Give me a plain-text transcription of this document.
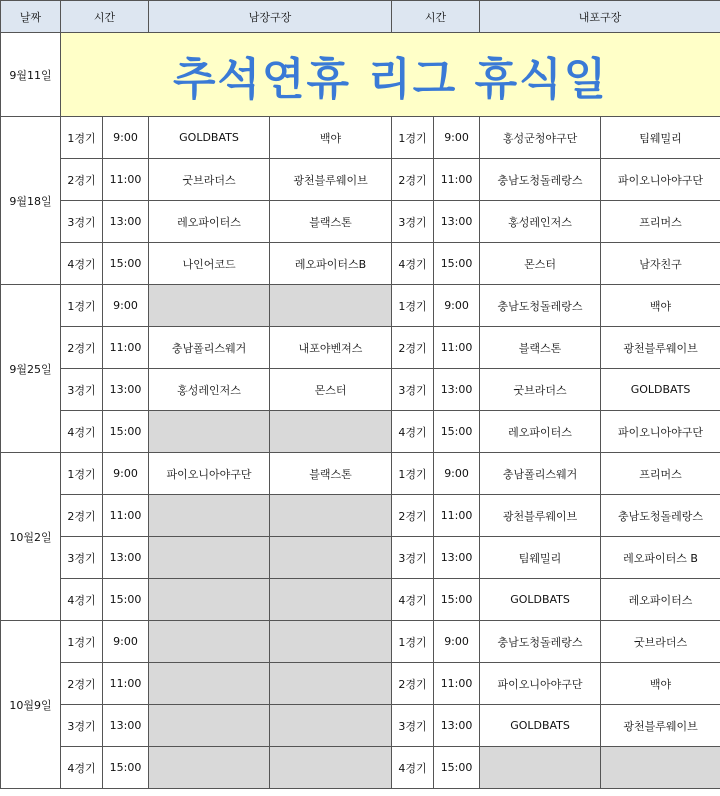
날짜	시간		남장구장		시간		내포구장	
9월11일	추석연휴 리그 휴식일							
9월18일	1경기	9:00	GOLDBATS	백야	1경기	9:00	홍성군청야구단	팀웨밀리
	2경기	11:00	굿브라더스	광천블루웨이브	2경기	11:00	충남도청돌레랑스	파이오니아야구단
	3경기	13:00	레오파이터스	블랙스톤	3경기	13:00	홍성레인저스	프리머스
	4경기	15:00	나인어코드	레오파이터스B	4경기	15:00	몬스터	남자친구
9월25일	1경기	9:00			1경기	9:00	충남도청돌레랑스	백야
	2경기	11:00	충남폴리스웨거	내포야벤져스	2경기	11:00	블랙스톤	광천블루웨이브
	3경기	13:00	홍성레인저스	몬스터	3경기	13:00	굿브라더스	GOLDBATS
	4경기	15:00			4경기	15:00	레오파이터스	파이오니아야구단
10월2일	1경기	9:00	파이오니아야구단	블랙스톤	1경기	9:00	충남폴리스웨거	프리머스
	2경기	11:00			2경기	11:00	광천블루웨이브	충남도청돌레랑스
	3경기	13:00			3경기	13:00	팀웨밀리	레오파이터스 B
	4경기	15:00			4경기	15:00	GOLDBATS	레오파이터스
10월9일	1경기	9:00			1경기	9:00	충남도청돌레랑스	굿브라더스
	2경기	11:00			2경기	11:00	파이오니아야구단	백야
	3경기	13:00			3경기	13:00	GOLDBATS	광천블루웨이브
	4경기	15:00			4경기	15:00		
